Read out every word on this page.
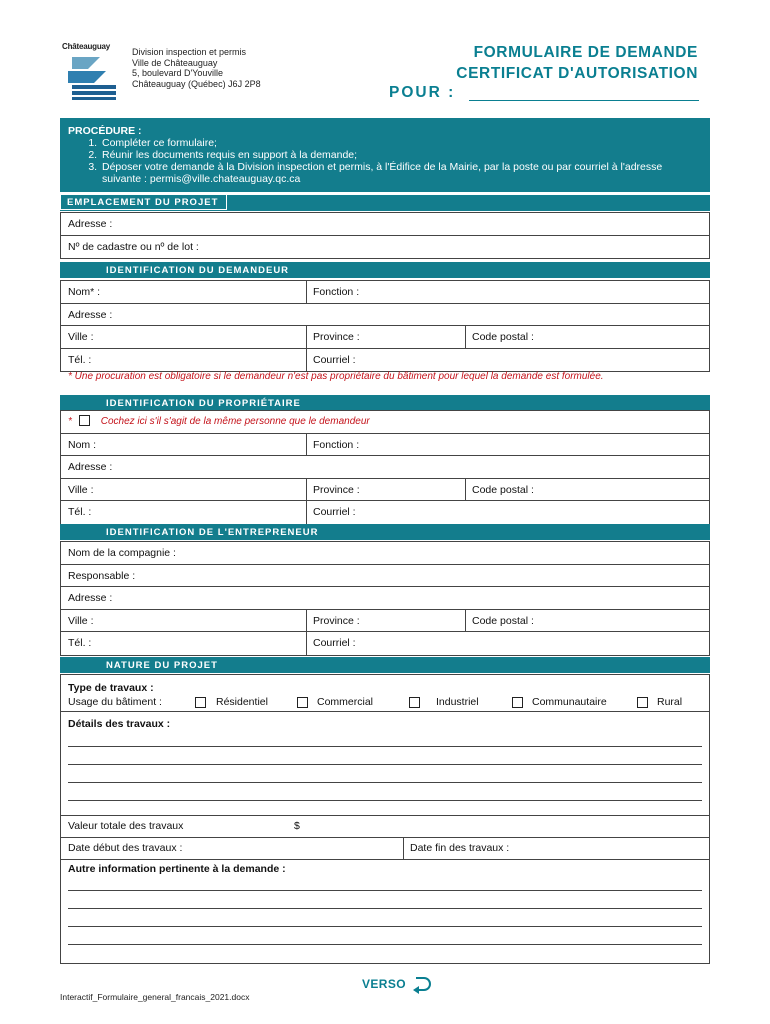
Châteauguay
Division inspection et permis
Ville de Châteauguay
5, boulevard D'Youville
Châteauguay (Québec) J6J 2P8
FORMULAIRE DE DEMANDE
CERTIFICAT D'AUTORISATION
POUR :
PROCÉDURE :
1. Compléter ce formulaire;
2. Réunir les documents requis en support à la demande;
3. Déposer votre demande à la Division inspection et permis, à l'Édifice de la Mairie, par la poste ou par courriel à l'adresse suivante : permis@ville.chateauguay.qc.ca
EMPLACEMENT DU PROJET
Adresse :
Nº de cadastre ou nº de lot :
IDENTIFICATION DU DEMANDEUR
Nom* :	Fonction :
Adresse :
Ville :	Province :	Code postal :
Tél. :	Courriel :
* Une procuration est obligatoire si le demandeur n'est pas propriétaire du bâtiment pour lequel la demande est formulée.
IDENTIFICATION DU PROPRIÉTAIRE
*	Cochez ici s'il s'agit de la même personne que le demandeur
Nom :	Fonction :
Adresse :
Ville :	Province :	Code postal :
Tél. :	Courriel :
IDENTIFICATION DE L'ENTREPRENEUR
Nom de la compagnie :
Responsable :
Adresse :
Ville :	Province :	Code postal :
Tél. :	Courriel :
NATURE DU PROJET
Type de travaux :
Usage du bâtiment :	Résidentiel	Commercial	Industriel	Communautaire	Rural
Détails des travaux :
Valeur totale des travaux	$
Date début des travaux :	Date fin des travaux :
Autre information pertinente à la demande :
VERSO
Interactif_Formulaire_general_francais_2021.docx
